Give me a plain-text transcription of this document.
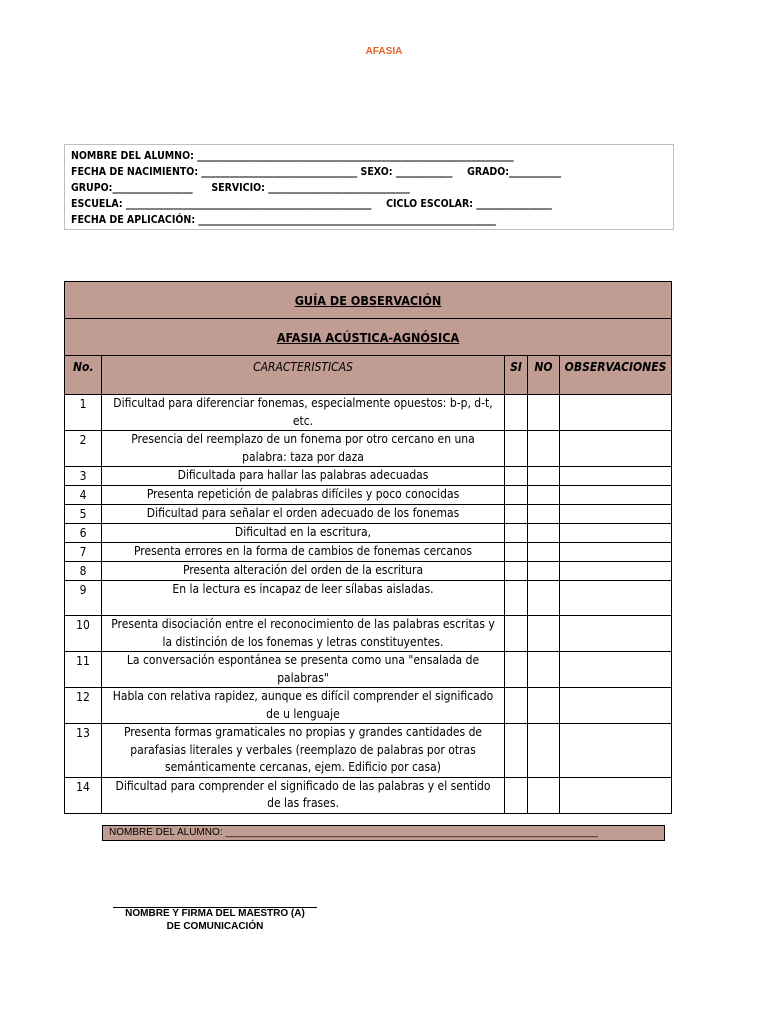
AFASIA
NOMBRE DEL ALUMNO: ___________________________________________________________________
FECHA DE NACIMIENTO: _________________________________ SEXO: ____________ GRADO:___________
GRUPO:_________________ SERVICIO: ______________________________
ESCUELA: ____________________________________________________ CICLO ESCOLAR: ________________
FECHA DE APLICACIÓN: _______________________________________________________________
GUÍA DE OBSERVACIÓN				
AFASIA ACÚSTICA-AGNÓSICA				
No.	CARACTERISTICAS	SI	NO	OBSERVACIONES
1	Dificultad para diferenciar fonemas, especialmente opuestos: b-p, d-t, etc.			
2	Presencia del reemplazo de un fonema por otro cercano en una palabra: taza por daza			
3	Dificultada para hallar las palabras adecuadas			
4	Presenta repetición de palabras difíciles y poco conocidas			
5	Dificultad para señalar el orden adecuado de los fonemas			
6	Dificultad en la escritura,			
7	Presenta errores en la forma de cambios de fonemas cercanos			
8	Presenta alteración del orden de la escritura			
9	En la lectura es incapaz de leer sílabas aisladas.			
10	Presenta disociación entre el reconocimiento de las palabras escritas y la distinción de los fonemas y letras constituyentes.			
11	La conversación espontánea se presenta como una "ensalada de palabras"			
12	Habla con relativa rapidez, aunque es difícil comprender el significado de u lenguaje			
13	Presenta formas gramaticales no propias y grandes cantidades de parafasias literales y verbales (reemplazo de palabras por otras semánticamente cercanas, ejem. Edificio por casa)			
14	Dificultad para comprender el significado de las palabras y el sentido de las frases.			
NOMBRE DEL ALUMNO: ___________________________________________________________________
NOMBRE Y FIRMA DEL MAESTRO (A)
DE COMUNICACIÓN
